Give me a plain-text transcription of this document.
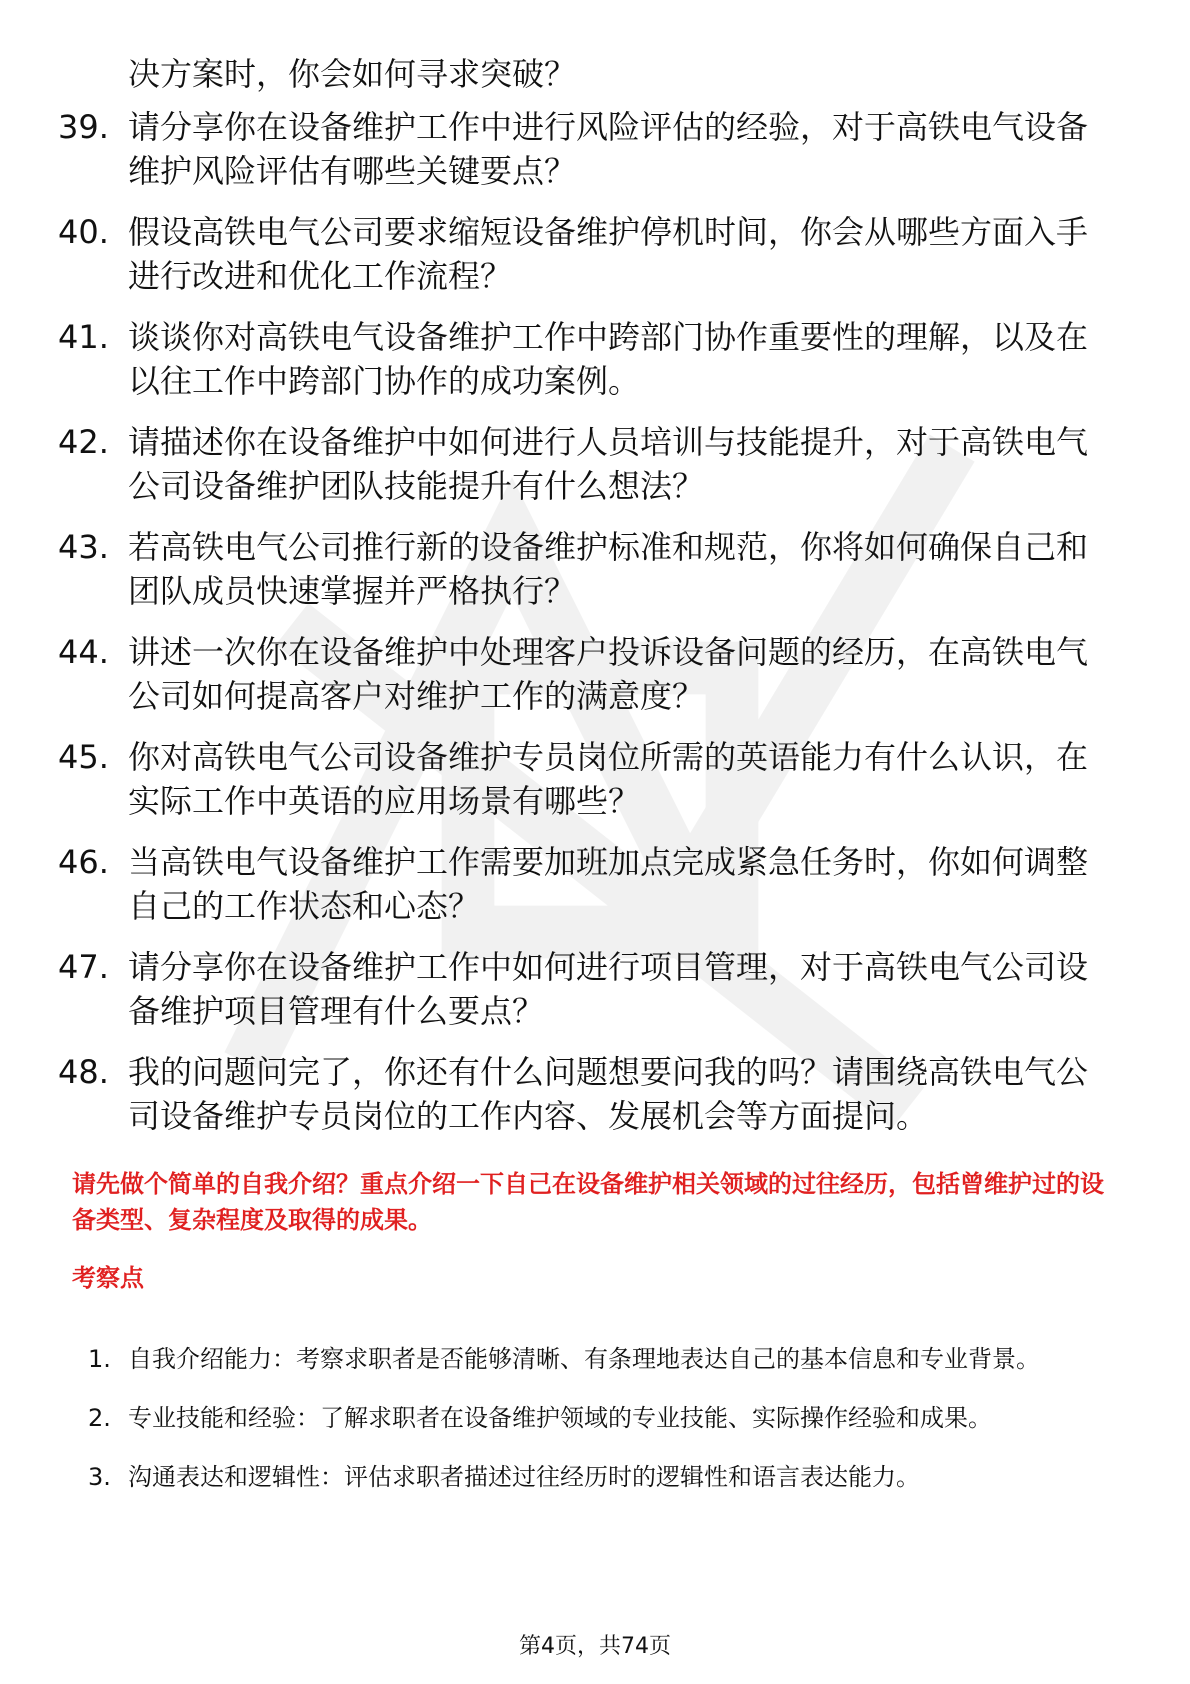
决方案时，你会如何寻求突破？
39. 请分享你在设备维护工作中进行风险评估的经验，对于高铁电气设备维护风险评估有哪些关键要点？
40. 假设高铁电气公司要求缩短设备维护停机时间，你会从哪些方面入手进行改进和优化工作流程？
41. 谈谈你对高铁电气设备维护工作中跨部门协作重要性的理解，以及在以往工作中跨部门协作的成功案例。
42. 请描述你在设备维护中如何进行人员培训与技能提升，对于高铁电气公司设备维护团队技能提升有什么想法？
43. 若高铁电气公司推行新的设备维护标准和规范，你将如何确保自己和团队成员快速掌握并严格执行？
44. 讲述一次你在设备维护中处理客户投诉设备问题的经历，在高铁电气公司如何提高客户对维护工作的满意度？
45. 你对高铁电气公司设备维护专员岗位所需的英语能力有什么认识，在实际工作中英语的应用场景有哪些？
46. 当高铁电气设备维护工作需要加班加点完成紧急任务时，你如何调整自己的工作状态和心态？
47. 请分享你在设备维护工作中如何进行项目管理，对于高铁电气公司设备维护项目管理有什么要点？
48. 我的问题问完了，你还有什么问题想要问我的吗？请围绕高铁电气公司设备维护专员岗位的工作内容、发展机会等方面提问。
请先做个简单的自我介绍？重点介绍一下自己在设备维护相关领域的过往经历，包括曾维护过的设备类型、复杂程度及取得的成果。
考察点
1. 自我介绍能力：考察求职者是否能够清晰、有条理地表达自己的基本信息和专业背景。
2. 专业技能和经验：了解求职者在设备维护领域的专业技能、实际操作经验和成果。
3. 沟通表达和逻辑性：评估求职者描述过往经历时的逻辑性和语言表达能力。
第4页，共74页
